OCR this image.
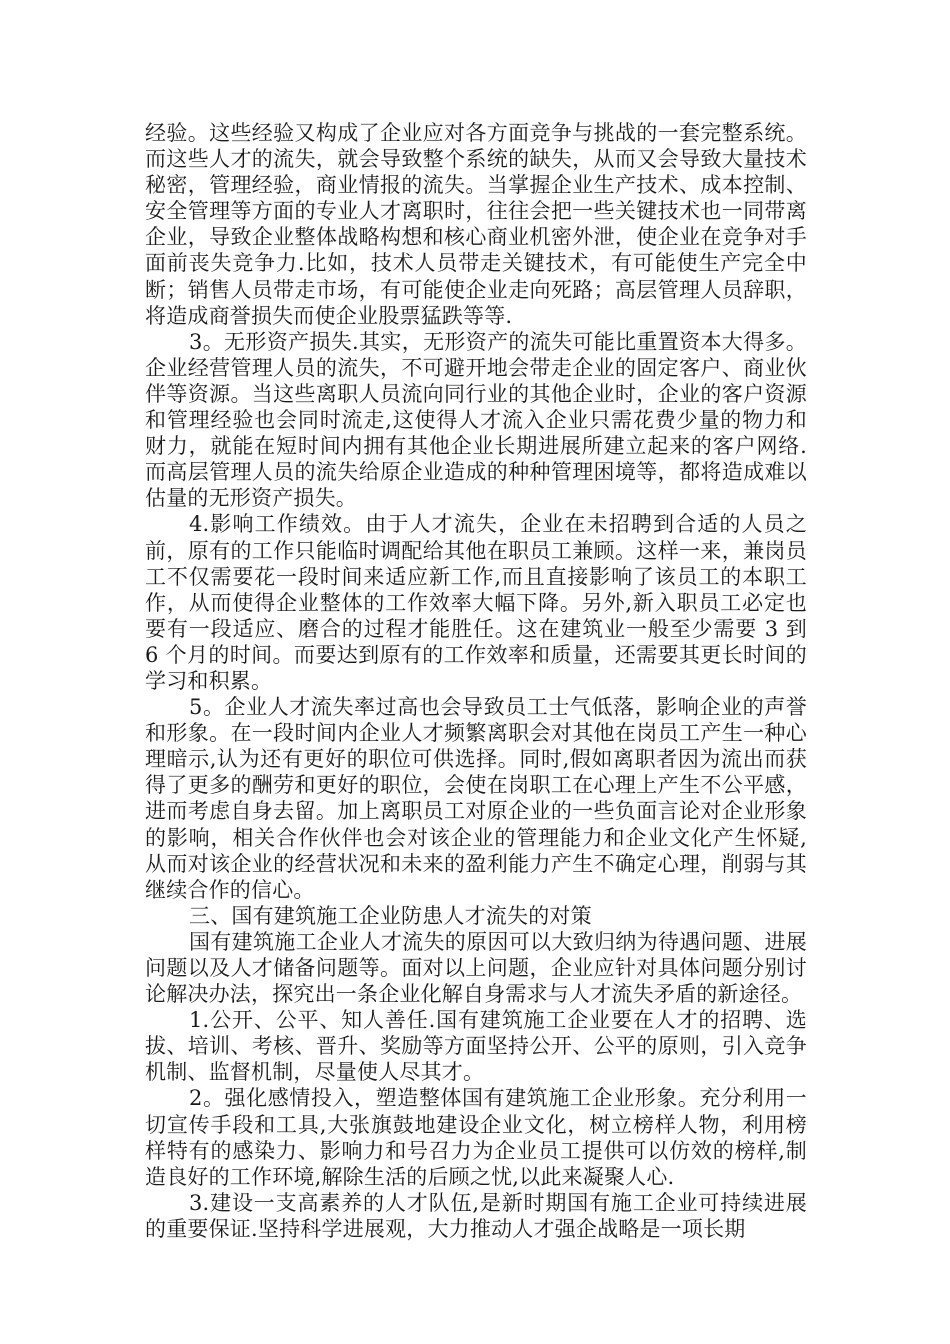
经验。这些经验又构成了企业应对各方面竞争与挑战的一套完整系统。而这些人才的流失，就会导致整个系统的缺失，从而又会导致大量技术秘密，管理经验，商业情报的流失。当掌握企业生产技术、成本控制、安全管理等方面的专业人才离职时，往往会把一些关键技术也一同带离企业，导致企业整体战略构想和核心商业机密外泄，使企业在竞争对手面前丧失竞争力.比如，技术人员带走关键技术，有可能使生产完全中断；销售人员带走市场，有可能使企业走向死路；高层管理人员辞职，将造成商誉损失而使企业股票猛跌等等.

3。无形资产损失.其实，无形资产的流失可能比重置资本大得多。企业经营管理人员的流失，不可避开地会带走企业的固定客户、商业伙伴等资源。当这些离职人员流向同行业的其他企业时，企业的客户资源和管理经验也会同时流走,这使得人才流入企业只需花费少量的物力和财力，就能在短时间内拥有其他企业长期进展所建立起来的客户网络.而高层管理人员的流失给原企业造成的种种管理困境等，都将造成难以估量的无形资产损失。

4.影响工作绩效。由于人才流失，企业在未招聘到合适的人员之前，原有的工作只能临时调配给其他在职员工兼顾。这样一来，兼岗员工不仅需要花一段时间来适应新工作,而且直接影响了该员工的本职工作，从而使得企业整体的工作效率大幅下降。另外,新入职员工必定也要有一段适应、磨合的过程才能胜任。这在建筑业一般至少需要 3 到 6 个月的时间。而要达到原有的工作效率和质量，还需要其更长时间的学习和积累。

5。企业人才流失率过高也会导致员工士气低落，影响企业的声誉和形象。在一段时间内企业人才频繁离职会对其他在岗员工产生一种心理暗示,认为还有更好的职位可供选择。同时,假如离职者因为流出而获得了更多的酬劳和更好的职位，会使在岗职工在心理上产生不公平感，进而考虑自身去留。加上离职员工对原企业的一些负面言论对企业形象的影响，相关合作伙伴也会对该企业的管理能力和企业文化产生怀疑,从而对该企业的经营状况和未来的盈利能力产生不确定心理，削弱与其继续合作的信心。

三、国有建筑施工企业防患人才流失的对策

国有建筑施工企业人才流失的原因可以大致归纳为待遇问题、进展问题以及人才储备问题等。面对以上问题，企业应针对具体问题分别讨论解决办法，探究出一条企业化解自身需求与人才流失矛盾的新途径。

1.公开、公平、知人善任.国有建筑施工企业要在人才的招聘、选拔、培训、考核、晋升、奖励等方面坚持公开、公平的原则，引入竞争机制、监督机制，尽量使人尽其才。

2。强化感情投入，塑造整体国有建筑施工企业形象。充分利用一切宣传手段和工具,大张旗鼓地建设企业文化，树立榜样人物，利用榜样特有的感染力、影响力和号召力为企业员工提供可以仿效的榜样,制造良好的工作环境,解除生活的后顾之忧,以此来凝聚人心.

3.建设一支高素养的人才队伍,是新时期国有施工企业可持续进展的重要保证.坚持科学进展观，大力推动人才强企战略是一项长期
